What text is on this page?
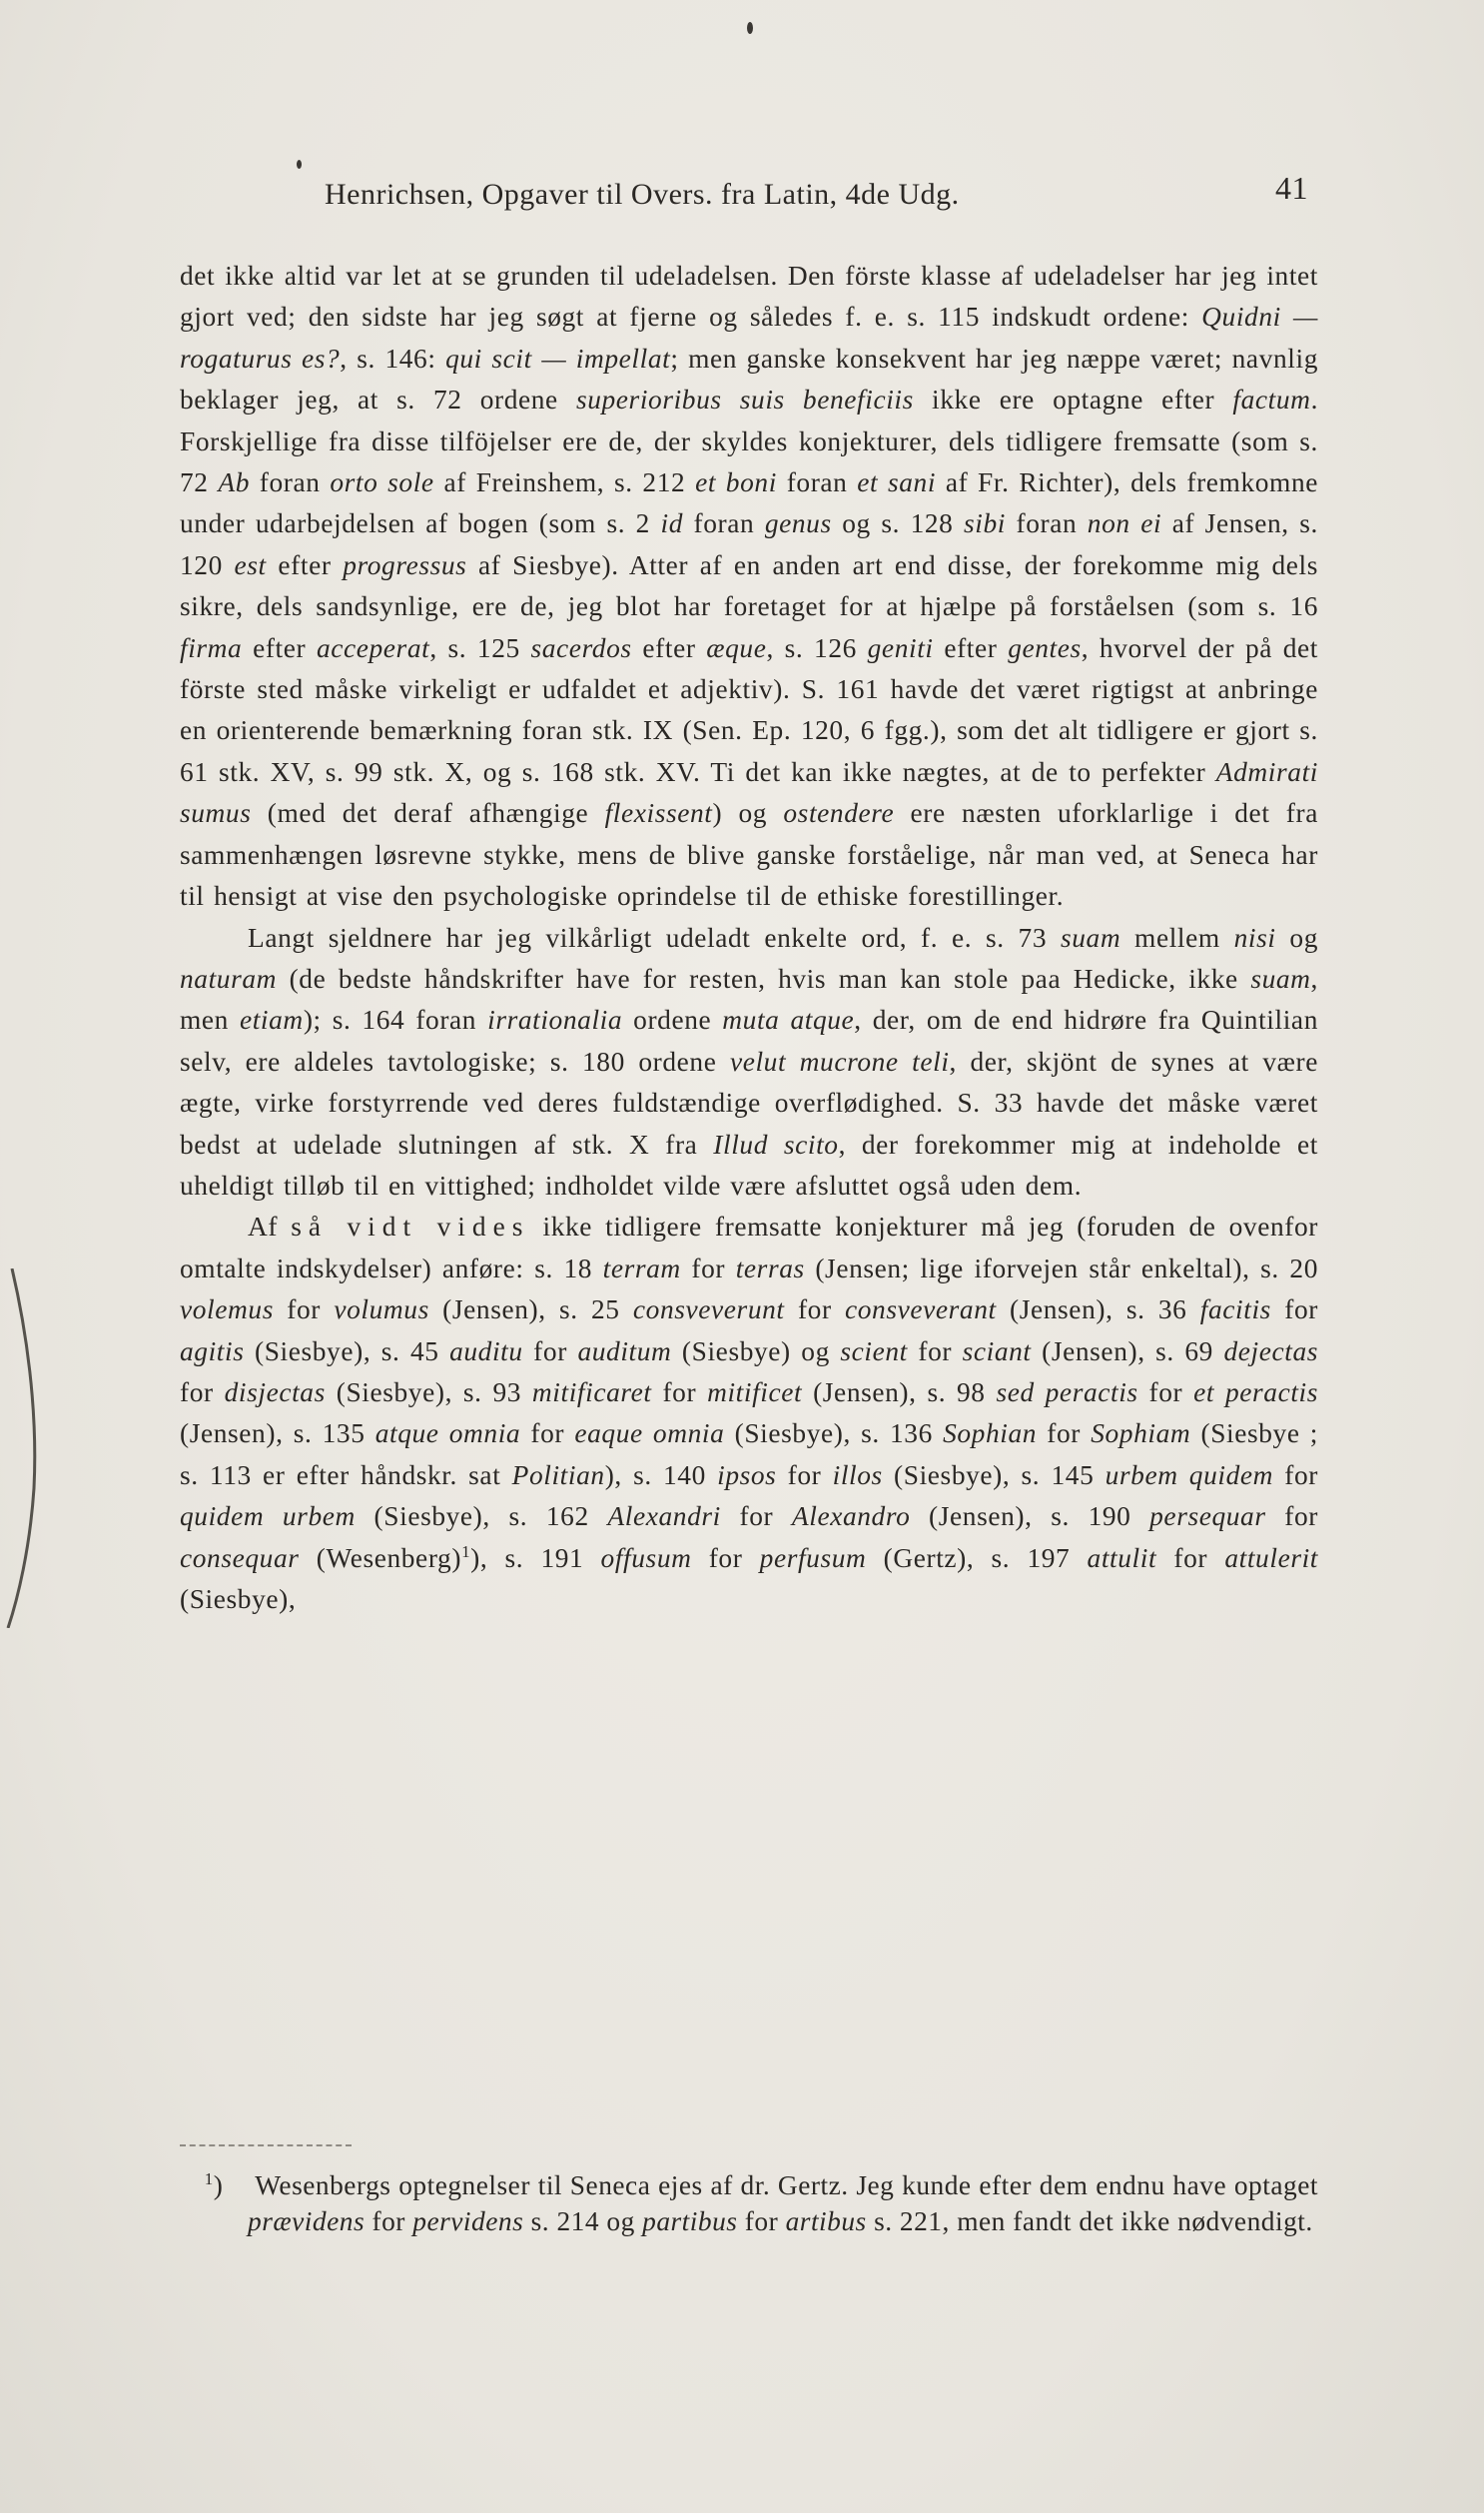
Henrichsen, Opgaver til Overs. fra Latin, 4de Udg.	41

det ikke altid var let at se grunden til udeladelsen. Den förste klasse af udeladelser har jeg intet gjort ved; den sidste har jeg søgt at fjerne og således f. e. s. 115 indskudt ordene: Quidni — rogaturus es?, s. 146: qui scit — impellat; men ganske konsekvent har jeg næppe været; navnlig beklager jeg, at s. 72 ordene superioribus suis beneficiis ikke ere optagne efter factum. Forskjellige fra disse tilföjelser ere de, der skyldes konjekturer, dels tidligere fremsatte (som s. 72 Ab foran orto sole af Freinshem, s. 212 et boni foran et sani af Fr. Richter), dels fremkomne under udarbejdelsen af bogen (som s. 2 id foran genus og s. 128 sibi foran non ei af Jensen, s. 120 est efter progressus af Siesbye). Atter af en anden art end disse, der forekomme mig dels sikre, dels sandsynlige, ere de, jeg blot har foretaget for at hjælpe på forståelsen (som s. 16 firma efter acceperat, s. 125 sacerdos efter æque, s. 126 geniti efter gentes, hvorvel der på det förste sted måske virkeligt er udfaldet et adjektiv). S. 161 havde det været rigtigst at anbringe en orienterende bemærkning foran stk. IX (Sen. Ep. 120, 6 fgg.), som det alt tidligere er gjort s. 61 stk. XV, s. 99 stk. X, og s. 168 stk. XV. Ti det kan ikke nægtes, at de to perfekter Admirati sumus (med det deraf afhængige flexissent) og ostendere ere næsten uforklarlige i det fra sammenhængen løsrevne stykke, mens de blive ganske forståelige, når man ved, at Seneca har til hensigt at vise den psychologiske oprindelse til de ethiske forestillinger.

Langt sjeldnere har jeg vilkårligt udeladt enkelte ord, f. e. s. 73 suam mellem nisi og naturam (de bedste håndskrifter have for resten, hvis man kan stole paa Hedicke, ikke suam, men etiam); s. 164 foran irrationalia ordene muta atque, der, om de end hidrøre fra Quintilian selv, ere aldeles tavtologiske; s. 180 ordene velut mucrone teli, der, skjönt de synes at være ægte, virke forstyrrende ved deres fuldstændige overflødighed. S. 33 havde det måske været bedst at udelade slutningen af stk. X fra Illud scito, der forekommer mig at indeholde et uheldigt tilløb til en vittighed; indholdet vilde være afsluttet også uden dem.

Af så vidt vides ikke tidligere fremsatte konjekturer må jeg (foruden de ovenfor omtalte indskydelser) anføre: s. 18 terram for terras (Jensen; lige iforvejen står enkeltal), s. 20 volemus for volumus (Jensen), s. 25 consveverunt for consveverant (Jensen), s. 36 facitis for agitis (Siesbye), s. 45 auditu for auditum (Siesbye) og scient for sciant (Jensen), s. 69 dejectas for disjectas (Siesbye), s. 93 mitificaret for mitificet (Jensen), s. 98 sed peractis for et peractis (Jensen), s. 135 atque omnia for eaque omnia (Siesbye), s. 136 Sophian for Sophiam (Siesbye ; s. 113 er efter håndskr. sat Politian), s. 140 ipsos for illos (Siesbye), s. 145 urbem quidem for quidem urbem (Siesbye), s. 162 Alexandri for Alexandro (Jensen), s. 190 persequar for consequar (Wesenberg)$^1$), s. 191 offusum for perfusum (Gertz), s. 197 attulit for attulerit (Siesbye),

$^1$) Wesenbergs optegnelser til Seneca ejes af dr. Gertz. Jeg kunde efter dem endnu have optaget prævidens for pervidens s. 214 og partibus for artibus s. 221, men fandt det ikke nødvendigt.
